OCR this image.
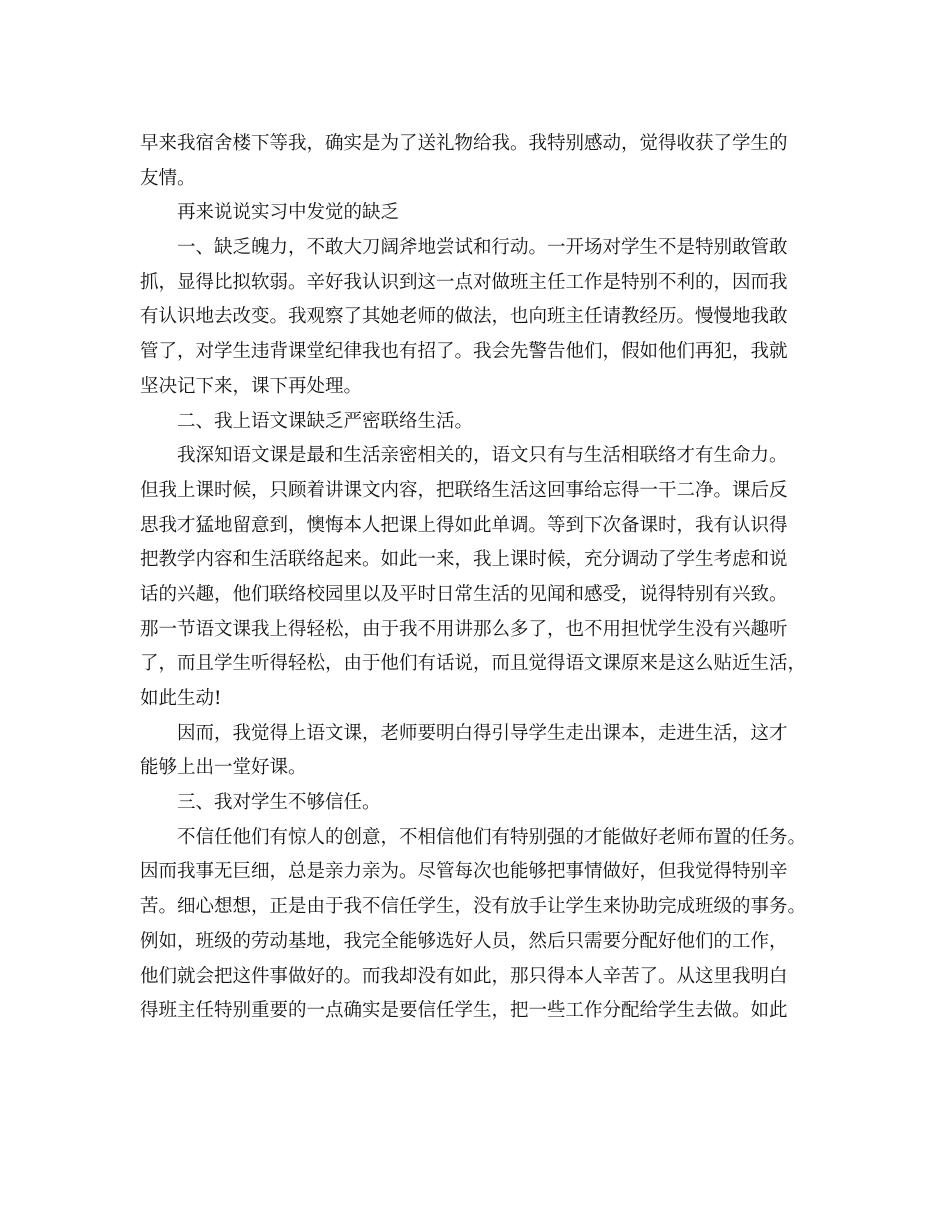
早来我宿舍楼下等我，确实是为了送礼物给我。我特别感动，觉得收获了学生的
友情。
再来说说实习中发觉的缺乏
一、缺乏魄力，不敢大刀阔斧地尝试和行动。一开场对学生不是特别敢管敢
抓，显得比拟软弱。辛好我认识到这一点对做班主任工作是特别不利的，因而我
有认识地去改变。我观察了其她老师的做法，也向班主任请教经历。慢慢地我敢
管了，对学生违背课堂纪律我也有招了。我会先警告他们，假如他们再犯，我就
坚决记下来，课下再处理。
二、我上语文课缺乏严密联络生活。
我深知语文课是最和生活亲密相关的，语文只有与生活相联络才有生命力。
但我上课时候，只顾着讲课文内容，把联络生活这回事给忘得一干二净。课后反
思我才猛地留意到，懊悔本人把课上得如此单调。等到下次备课时，我有认识得
把教学内容和生活联络起来。如此一来，我上课时候，充分调动了学生考虑和说
话的兴趣，他们联络校园里以及平时日常生活的见闻和感受，说得特别有兴致。
那一节语文课我上得轻松，由于我不用讲那么多了，也不用担忧学生没有兴趣听
了，而且学生听得轻松，由于他们有话说，而且觉得语文课原来是这么贴近生活，
如此生动!
因而，我觉得上语文课，老师要明白得引导学生走出课本，走进生活，这才
能够上出一堂好课。
三、我对学生不够信任。
不信任他们有惊人的创意，不相信他们有特别强的才能做好老师布置的任务。
因而我事无巨细，总是亲力亲为。尽管每次也能够把事情做好，但我觉得特别辛
苦。细心想想，正是由于我不信任学生，没有放手让学生来协助完成班级的事务。
例如，班级的劳动基地，我完全能够选好人员，然后只需要分配好他们的工作，
他们就会把这件事做好的。而我却没有如此，那只得本人辛苦了。从这里我明白
得班主任特别重要的一点确实是要信任学生，把一些工作分配给学生去做。如此
